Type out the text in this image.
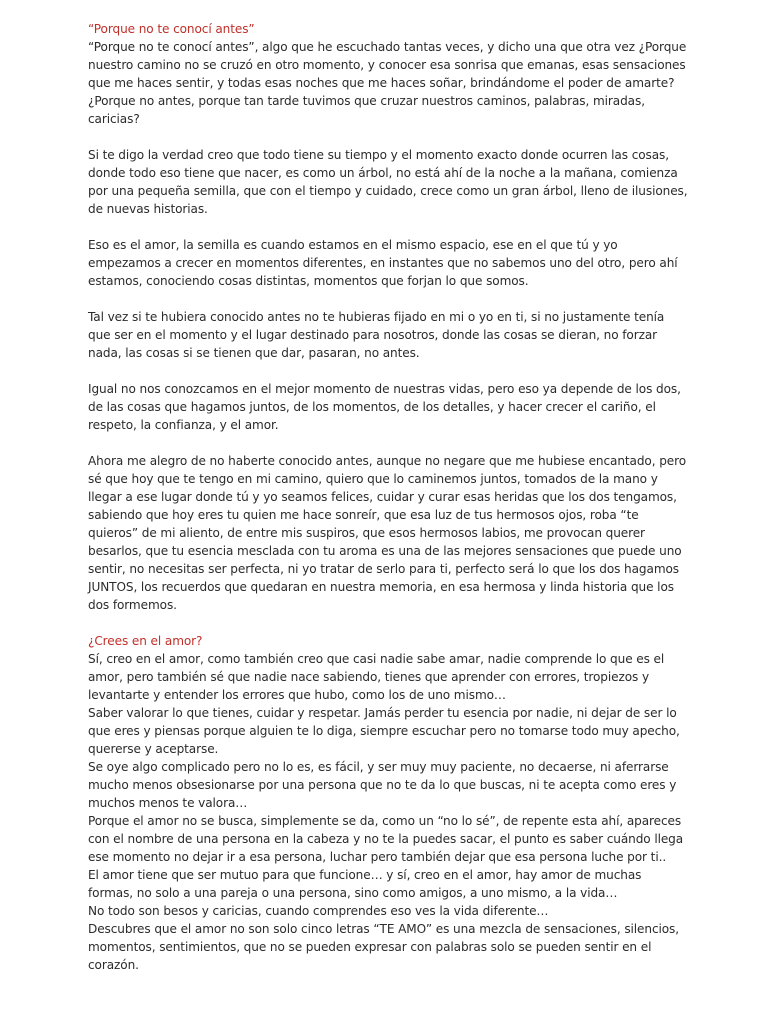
“Porque no te conocí antes”

“Porque no te conocí antes”, algo que he escuchado tantas veces, y dicho una que otra vez ¿Porque nuestro camino no se cruzó en otro momento, y conocer esa sonrisa que emanas, esas sensaciones que me haces sentir, y todas esas noches que me haces soñar, brindándome el poder de amarte? ¿Porque no antes, porque tan tarde tuvimos que cruzar nuestros caminos, palabras, miradas, caricias?

Si te digo la verdad creo que todo tiene su tiempo y el momento exacto donde ocurren las cosas, donde todo eso tiene que nacer, es como un árbol, no está ahí de la noche a la mañana, comienza por una pequeña semilla, que con el tiempo y cuidado, crece como un gran árbol, lleno de ilusiones, de nuevas historias.

Eso es el amor, la semilla es cuando estamos en el mismo espacio, ese en el que tú y yo empezamos a crecer en momentos diferentes, en instantes que no sabemos uno del otro, pero ahí estamos, conociendo cosas distintas, momentos que forjan lo que somos.

Tal vez si te hubiera conocido antes no te hubieras fijado en mi o yo en ti, si no justamente tenía que ser en el momento y el lugar destinado para nosotros, donde las cosas se dieran, no forzar nada, las cosas si se tienen que dar, pasaran, no antes.

Igual no nos conozcamos en el mejor momento de nuestras vidas, pero eso ya depende de los dos, de las cosas que hagamos juntos, de los momentos, de los detalles, y hacer crecer el cariño, el respeto, la confianza, y el amor.

Ahora me alegro de no haberte conocido antes, aunque no negare que me hubiese encantado, pero sé que hoy que te tengo en mi camino, quiero que lo caminemos juntos, tomados de la mano y llegar a ese lugar donde tú y yo seamos felices, cuidar y curar esas heridas que los dos tengamos, sabiendo que hoy eres tu quien me hace sonreír, que esa luz de tus hermosos ojos, roba “te quieros” de mi aliento, de entre mis suspiros, que esos hermosos labios, me provocan querer besarlos, que tu esencia mesclada con tu aroma es una de las mejores sensaciones que puede uno sentir, no necesitas ser perfecta, ni yo tratar de serlo para ti, perfecto será lo que los dos hagamos JUNTOS, los recuerdos que quedaran en nuestra memoria, en esa hermosa y linda historia que los dos formemos.

¿Crees en el amor?

Sí, creo en el amor, como también creo que casi nadie sabe amar, nadie comprende lo que es el amor, pero también sé que nadie nace sabiendo, tienes que aprender con errores, tropiezos y levantarte y entender los errores que hubo, como los de uno mismo…

Saber valorar lo que tienes, cuidar y respetar. Jamás perder tu esencia por nadie, ni dejar de ser lo que eres y piensas porque alguien te lo diga, siempre escuchar pero no tomarse todo muy apecho, quererse y aceptarse.

Se oye algo complicado pero no lo es, es fácil, y ser muy muy paciente, no decaerse, ni aferrarse mucho menos obsesionarse por una persona que no te da lo que buscas, ni te acepta como eres y muchos menos te valora…

Porque el amor no se busca, simplemente se da, como un “no lo sé”, de repente esta ahí, apareces con el nombre de una persona en la cabeza y no te la puedes sacar, el punto es saber cuándo llega ese momento no dejar ir a esa persona, luchar pero también dejar que esa persona luche por ti..

El amor tiene que ser mutuo para que funcione… y sí, creo en el amor, hay amor de muchas formas, no solo a una pareja o una persona, sino como amigos, a uno mismo, a la vida…

No todo son besos y caricias, cuando comprendes eso ves la vida diferente…

Descubres que el amor no son solo cinco letras “TE AMO” es una mezcla de sensaciones, silencios, momentos, sentimientos, que no se pueden expresar con palabras solo se pueden sentir en el corazón.
